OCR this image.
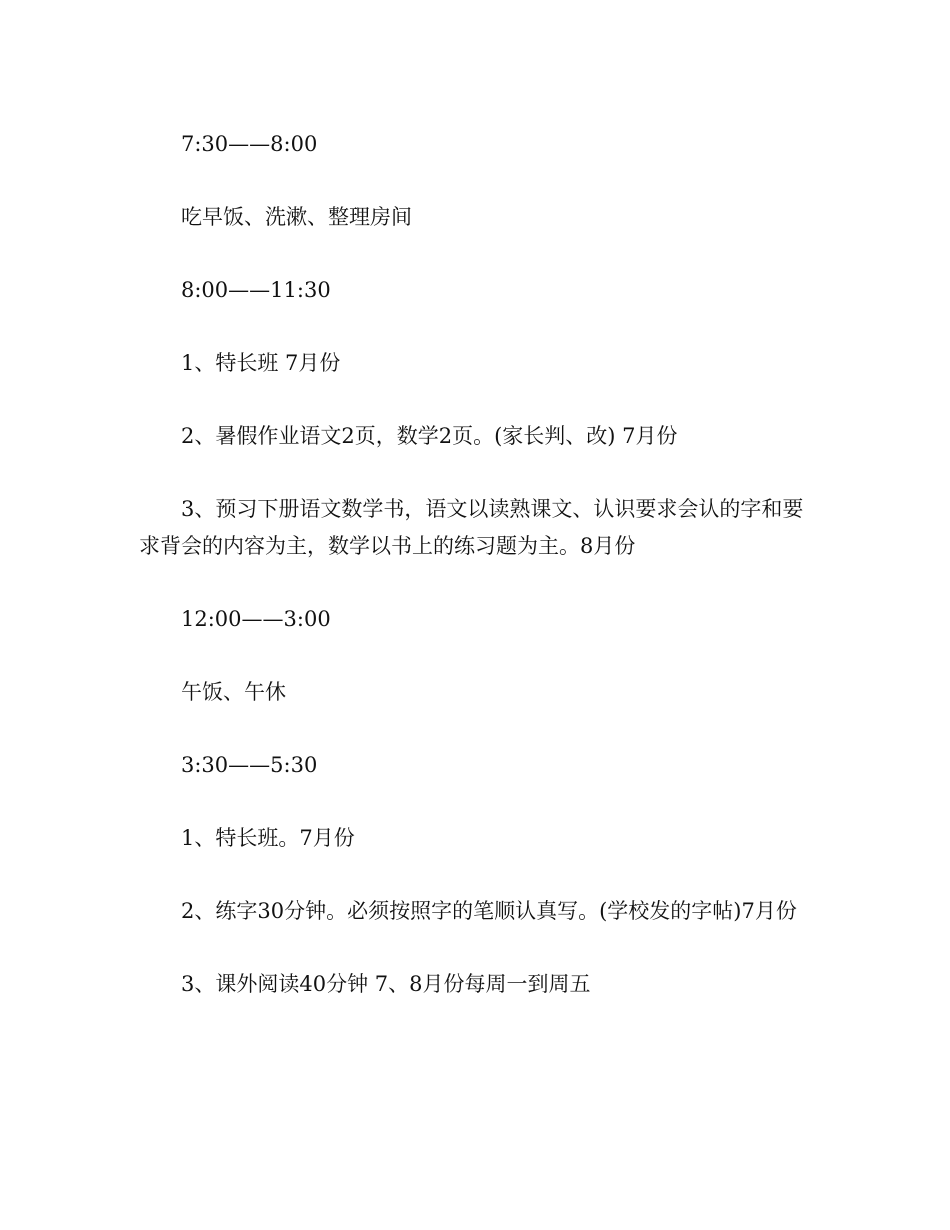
7:30——8:00

吃早饭、洗漱、整理房间

8:00——11:30

1、特长班 7月份

2、暑假作业语文2页，数学2页。(家长判、改) 7月份

3、预习下册语文数学书，语文以读熟课文、认识要求会认的字和要求背会的内容为主，数学以书上的练习题为主。8月份

12:00——3:00

午饭、午休

3:30——5:30

1、特长班。7月份

2、练字30分钟。必须按照字的笔顺认真写。(学校发的字帖)7月份

3、课外阅读40分钟 7、8月份每周一到周五
